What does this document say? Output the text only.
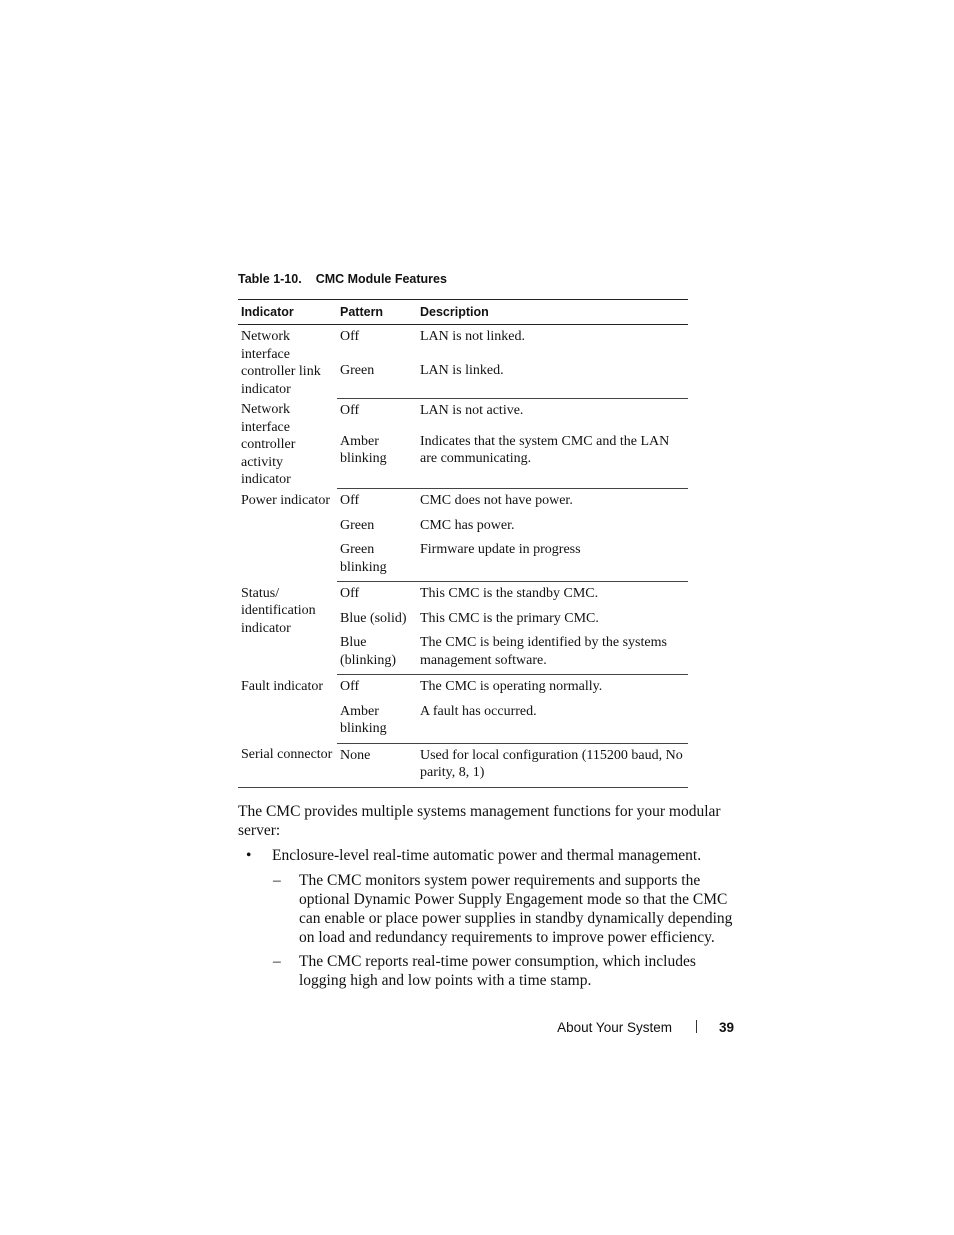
Table 1-10. CMC Module Features
Indicator	Pattern	Description
Network interface controller link indicator	Off	LAN is not linked.
	Green	LAN is linked.
Network interface controller activity indicator	Off	LAN is not active.
	Amber blinking	Indicates that the system CMC and the LAN are communicating.
Power indicator	Off	CMC does not have power.
	Green	CMC has power.
	Green blinking	Firmware update in progress
Status/ identification indicator	Off	This CMC is the standby CMC.
	Blue (solid)	This CMC is the primary CMC.
	Blue (blinking)	The CMC is being identified by the systems management software.
Fault indicator	Off	The CMC is operating normally.
	Amber blinking	A fault has occurred.
Serial connector	None	Used for local configuration (115200 baud, No parity, 8, 1)
The CMC provides multiple systems management functions for your modular server:
• Enclosure-level real-time automatic power and thermal management.
– The CMC monitors system power requirements and supports the optional Dynamic Power Supply Engagement mode so that the CMC can enable or place power supplies in standby dynamically depending on load and redundancy requirements to improve power efficiency.
– The CMC reports real-time power consumption, which includes logging high and low points with a time stamp.
About Your System	39
